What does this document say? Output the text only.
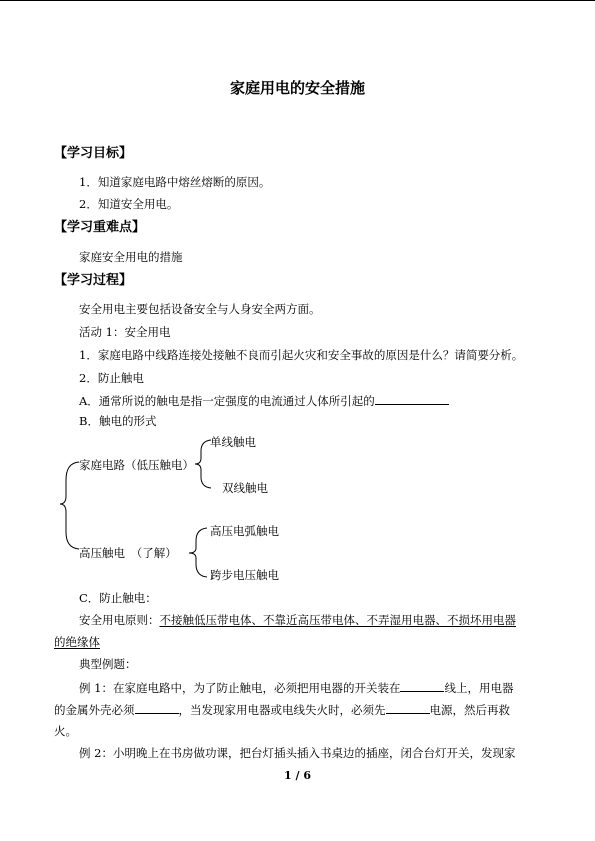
家庭用电的安全措施
【学习目标】
1．知道家庭电路中熔丝熔断的原因。
2．知道安全用电。
【学习重难点】
家庭安全用电的措施
【学习过程】
安全用电主要包括设备安全与人身安全两方面。
活动 1：安全用电
1．家庭电路中线路连接处接触不良而引起火灾和安全事故的原因是什么？请简要分析。
2．防止触电
A．通常所说的触电是指一定强度的电流通过人体所引起的
B．触电的形式
家庭电路（低压触电）
单线触电
双线触电
高压触电　（了解）
高压电弧触电
跨步电压触电
C．防止触电：
安全用电原则：不接触低压带电体、不靠近高压带电体、不弄湿用电器、不损坏用电器
的绝缘体
典型例题：
例 1：在家庭电路中，为了防止触电，必须把用电器的开关装在	线上，用电器
的金属外壳必须	，当发现家用电器或电线失火时，必须先	电源，然后再救
火。
例 2：小明晚上在书房做功课，把台灯插头插入书桌边的插座，闭合台灯开关，发现家
1 / 6
